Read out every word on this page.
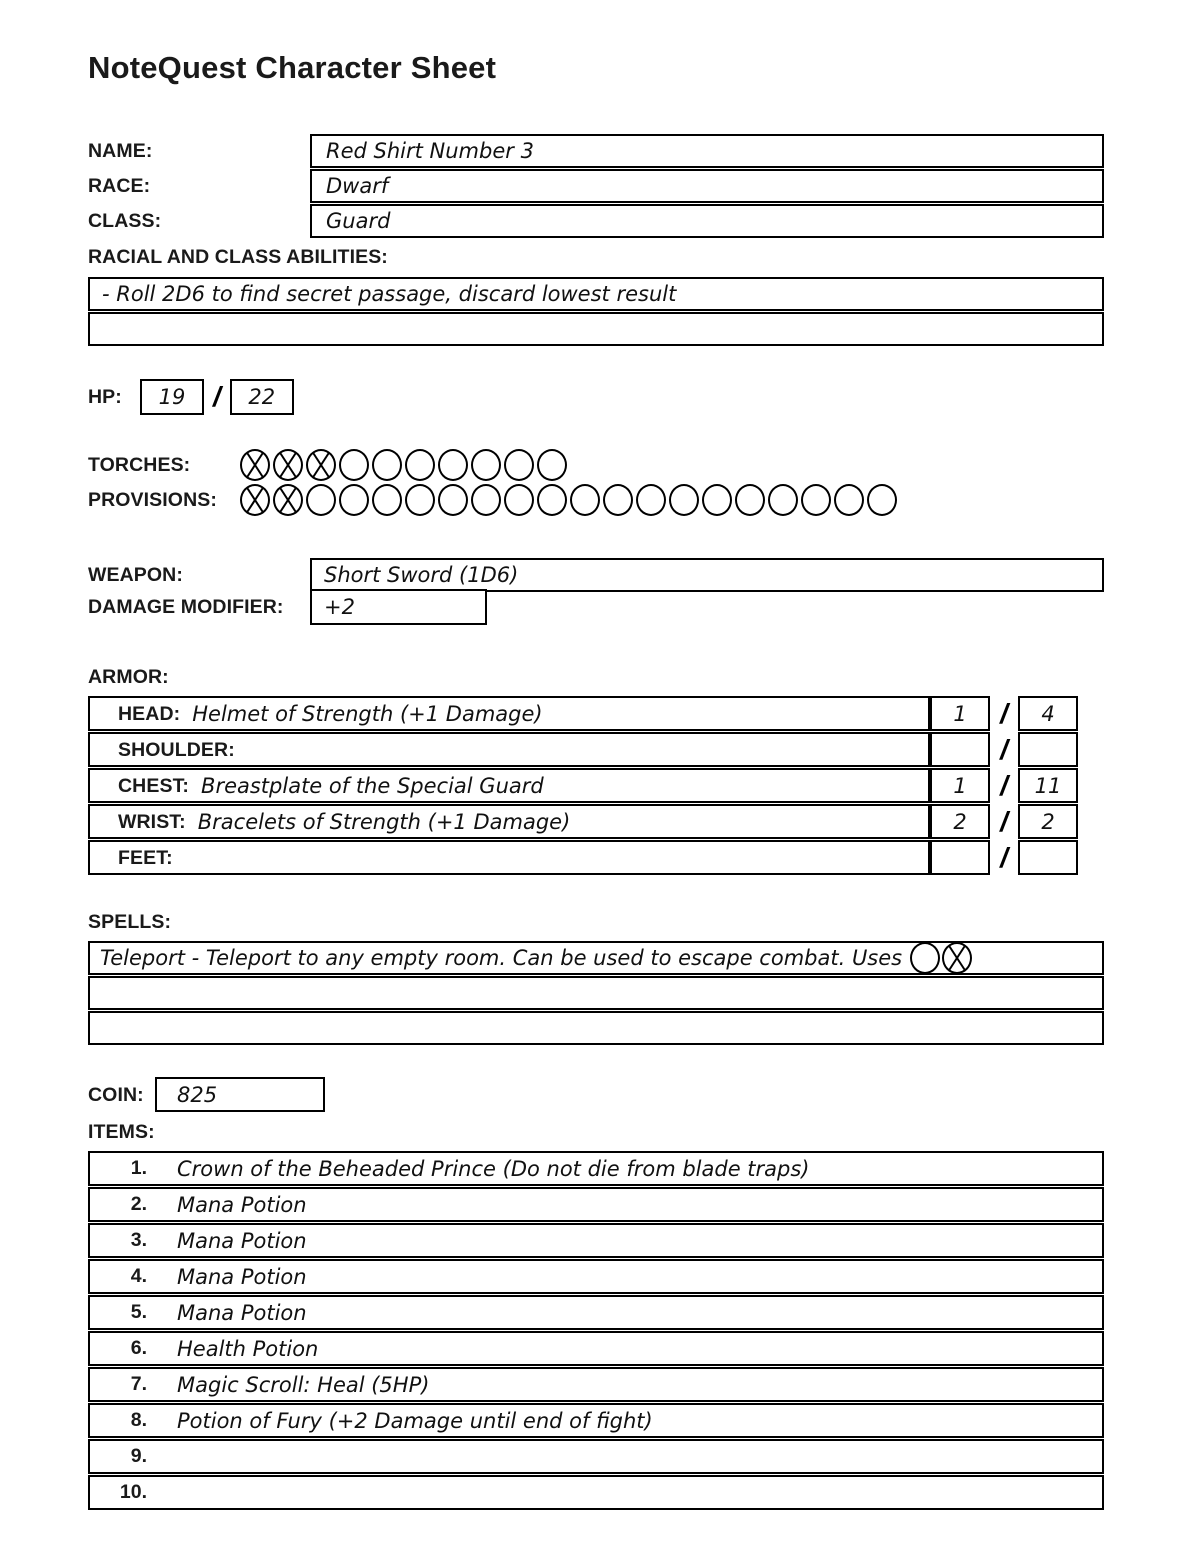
NoteQuest Character Sheet
NAME:	Red Shirt Number 3
RACE:	Dwarf
CLASS:	Guard
RACIAL AND CLASS ABILITIES:
- Roll 2D6 to find secret passage, discard lowest result
HP:	19 /	22
TORCHES:
PROVISIONS:
WEAPON:	Short Sword (1D6)
DAMAGE MODIFIER:	+2
ARMOR:
HEAD: Helmet of Strength (+1 Damage)	1	/	4
SHOULDER:	/
CHEST: Breastplate of the Special Guard	1	/	11
WRIST: Bracelets of Strength (+1 Damage)	2	/	2
FEET:	/
SPELLS:
Teleport - Teleport to any empty room. Can be used to escape combat. Uses
COIN:	825
ITEMS:
1. Crown of the Beheaded Prince (Do not die from blade traps)
2. Mana Potion
3. Mana Potion
4. Mana Potion
5. Mana Potion
6. Health Potion
7. Magic Scroll: Heal (5HP)
8. Potion of Fury (+2 Damage until end of fight)
9.
10.
